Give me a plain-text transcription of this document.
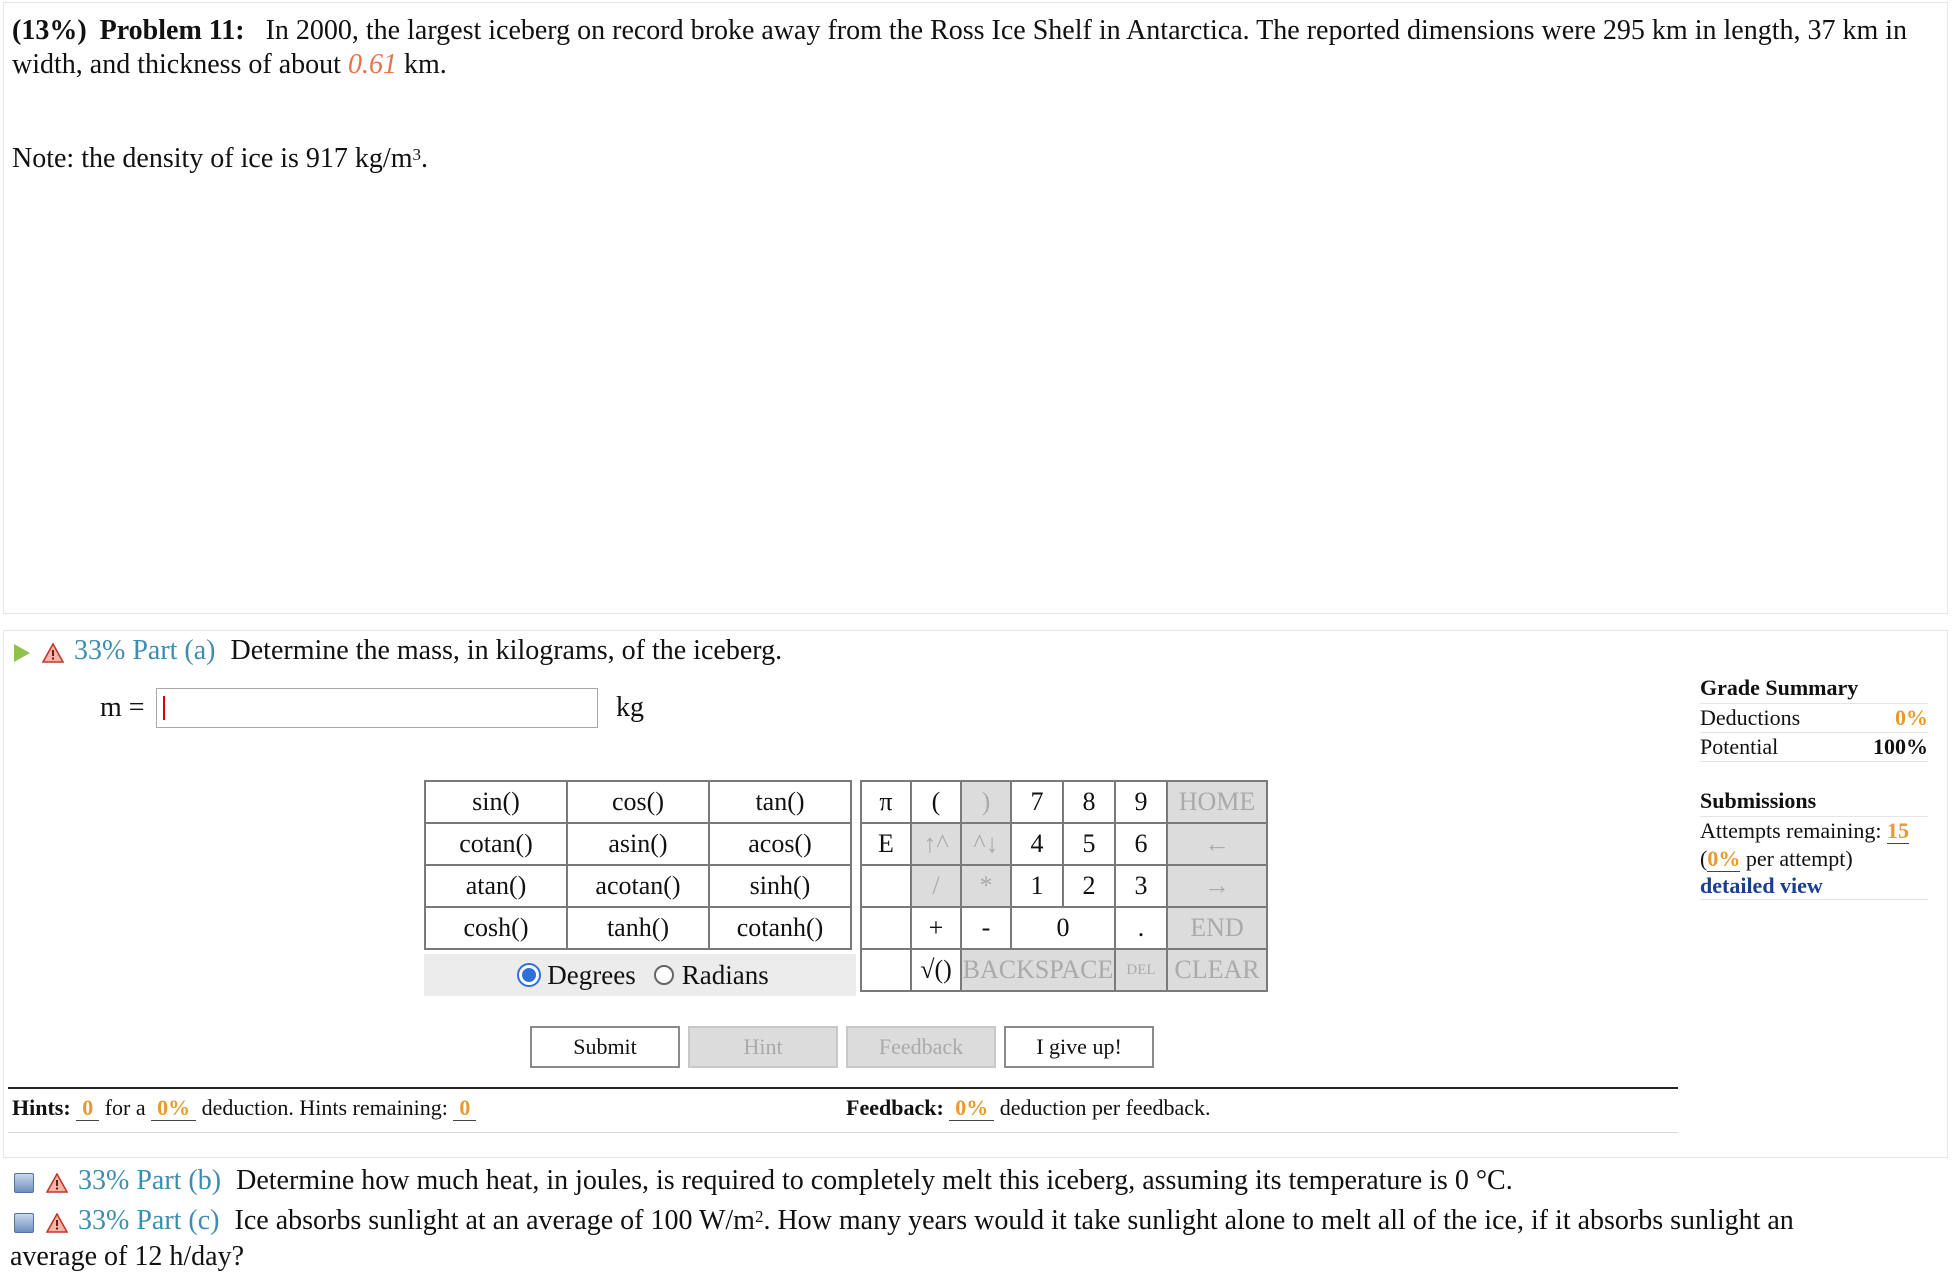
(13%) Problem 11: In 2000, the largest iceberg on record broke away from the Ross Ice Shelf in Antarctica. The reported dimensions were 295 km in length, 37 km in width, and thickness of about 0.61 km.
Note: the density of ice is 917 $kg/m^3$.
33% Part (a) Determine the mass, in kilograms, of the iceberg.
m =	kg
sin()	cos()	tan()
cotan()	asin()	acos()
atan()	acotan()	sinh()
cosh()	tanh()	cotanh()
Degrees Radians
π	(	)	7	8	9	HOME
E	↑^	^↓	4	5	6	←
	/	*	1	2	3	→
	+	-	0		.	END
	√()	BACKSPACE			DEL	CLEAR
Submit	Hint	Feedback	I give up!
Grade Summary
Deductions	0%
Potential	100%
Submissions
Attempts remaining: 15
(0% per attempt)
detailed view
Hints: 0 for a 0% deduction. Hints remaining: 0	Feedback: 0% deduction per feedback.
33% Part (b) Determine how much heat, in joules, is required to completely melt this iceberg, assuming its temperature is 0 °C.
33% Part (c) Ice absorbs sunlight at an average of 100 $W/m^2$. How many years would it take sunlight alone to melt all of the ice, if it absorbs sunlight an
average of 12 h/day?
